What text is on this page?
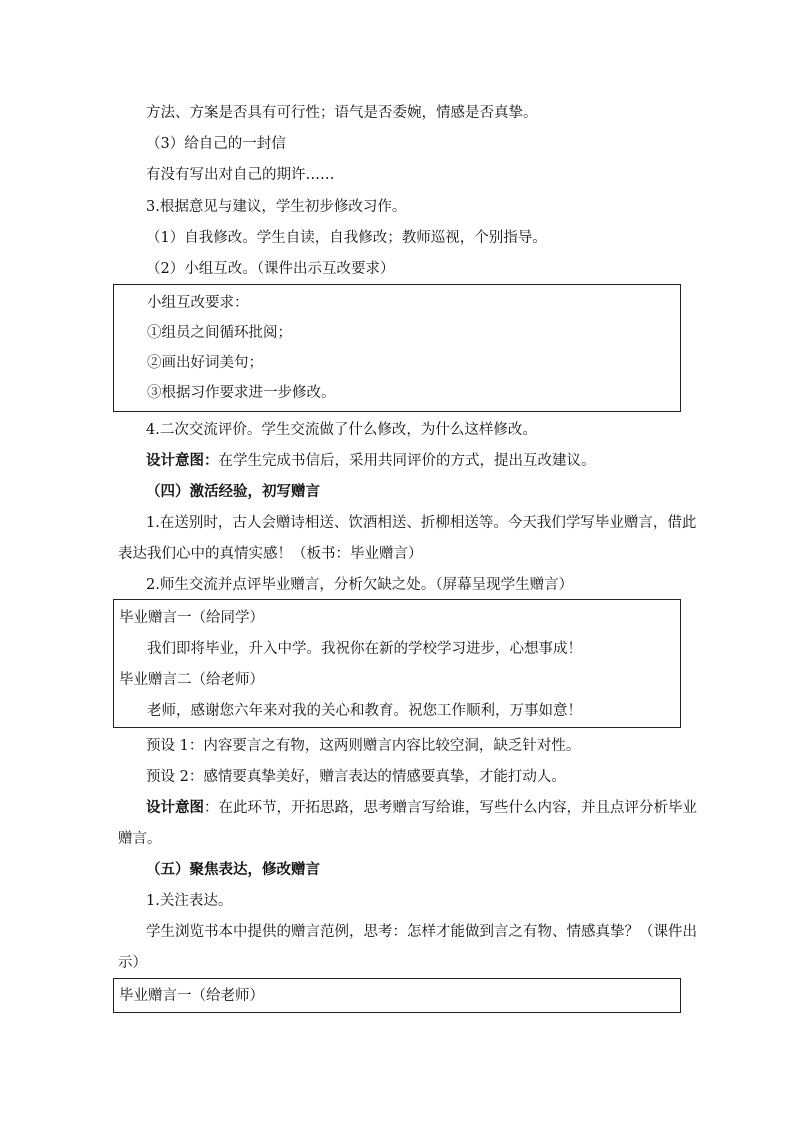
方法、方案是否具有可行性；语气是否委婉，情感是否真挚。
（3）给自己的一封信
有没有写出对自己的期许……
3.根据意见与建议，学生初步修改习作。
（1）自我修改。学生自读，自我修改；教师巡视，个别指导。
（2）小组互改。（课件出示互改要求）
小组互改要求：
①组员之间循环批阅；
②画出好词美句；
③根据习作要求进一步修改。
4.二次交流评价。学生交流做了什么修改，为什么这样修改。
设计意图：在学生完成书信后，采用共同评价的方式，提出互改建议。
（四）激活经验，初写赠言
1.在送别时，古人会赠诗相送、饮酒相送、折柳相送等。今天我们学写毕业赠言，借此
表达我们心中的真情实感！（板书：毕业赠言）
2.师生交流并点评毕业赠言，分析欠缺之处。（屏幕呈现学生赠言）
毕业赠言一（给同学）
我们即将毕业，升入中学。我祝你在新的学校学习进步，心想事成！
毕业赠言二（给老师）
老师，感谢您六年来对我的关心和教育。祝您工作顺利，万事如意！
预设 1：内容要言之有物，这两则赠言内容比较空洞，缺乏针对性。
预设 2：感情要真挚美好，赠言表达的情感要真挚，才能打动人。
设计意图：在此环节，开拓思路，思考赠言写给谁，写些什么内容，并且点评分析毕业
赠言。
（五）聚焦表达，修改赠言
1.关注表达。
学生浏览书本中提供的赠言范例，思考：怎样才能做到言之有物、情感真挚？（课件出
示）
毕业赠言一（给老师）
